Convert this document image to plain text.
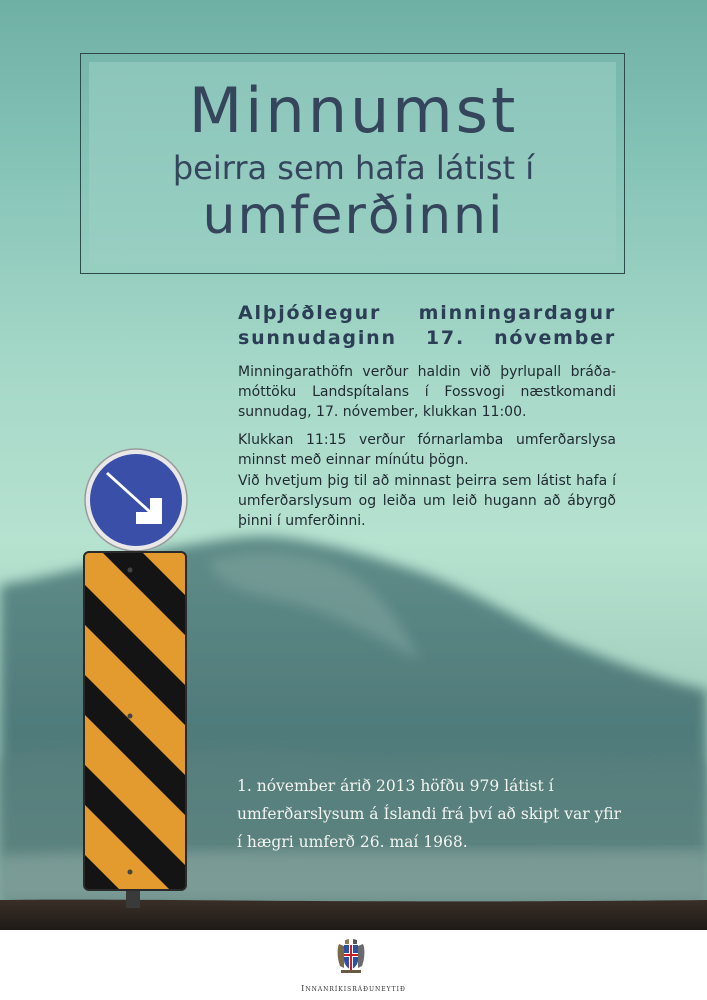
Minnumst
þeirra sem hafa látist í
umferðinni
Alþjóðlegur minningardagur
sunnudaginn 17. nóvember
Minningarathöfn verður haldin við þyrlupall bráða-móttöku Landspítalans í Fossvogi næstkomandi sunnudag, 17. nóvember, klukkan 11:00.
Klukkan 11:15 verður fórnarlamba umferðarslysa minnst með einnar mínútu þögn.
Við hvetjum þig til að minnast þeirra sem látist hafa í umferðarslysum og leiða um leið hugann að ábyrgð þinni í umferðinni.
1. nóvember árið 2013 höfðu 979 látist í umferðarslysum á Íslandi frá því að skipt var yfir í hægri umferð 26. maí 1968.
Innanríkisráðuneytið
